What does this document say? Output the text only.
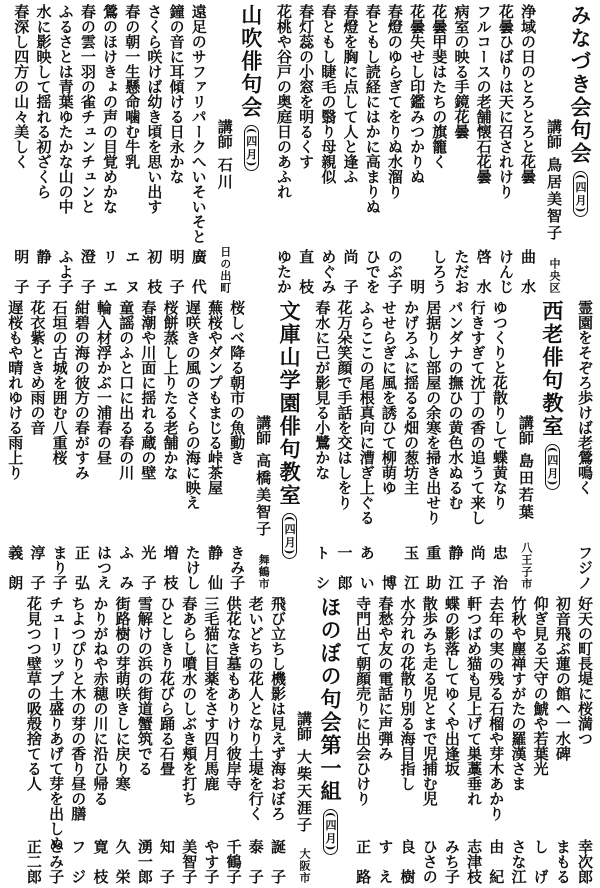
みなづき会句会(四月)
講師鳥居美智子
中央区
浄域の日のとろとろと花曇
曲　水
花曇ひばりは天に召されけり
けんじ
フルコースの老舗懐石花曇
啓　水
病室の映る手鏡花曇
ただお
花曇甲斐はたちの旗籠く
しろう
花曇失せし印鑑みつかりぬ
明
春燈のゆらぎてをりぬ水溜り
のぶ子
春ともし読経にはかに高まりぬ
ひでを
春燈を胸に点して人と逢ふ
尚　子
春ともし睫毛の翳り母親似
めぐみ
春灯蕊の小窓を明るくす
直　枝
花桃や谷戸の奥庭日のあふれ
ゆたか
山吹俳句会(四月)
講師石川
日の出町
遠足のサファリパークへいそいそと
廣　代
鐘の音に耳傾ける日永かな
明　子
さくら咲けば幼き頃を思い出す
初　枝
春の朝一生懸命噛む牛乳
エ　ヌ
鶯のほけきょの声の目覚めかな
リ　エ
春の雲一羽の雀チュンチュンと
澄　子
ふるさとは青葉ゆたかな山の中
ふよ子
水に影映して揺れる初ざくら
静　子
春深し四方の山々美しく
明　子
霊園をそぞろ歩けば老鶯鳴く
フジノ
西老俳句教室(四月)
講師島田若葉
八王子市
ゆつくりと花散りして蝶黄なり
忠　治
行きすぎて沈丁の香の追うて来し
尚　子
パンダナの撫ひの黄色水ぬるむ
静　江
居据りし部屋の余寒を掃き出せり
重　助
かげろふに揺るる畑の葱坊主
玉　江
せせらぎに風を誘ひて柳萌ゆ
博
ふらここの尾根真向に漕ぎ上ぐる
あ　い
花万朵笑顔で手話を交はしをり
一　郎
春水に己が影見る小鷺かな
ト　シ
文庫山学園俳句教室(四月)
講師高橋美智子
舞鶴市
桜しべ降る朝市の魚動き
きみ子
蕪桜やダンプもまじる峠茶屋
静　仙
遅咲きの風のさくらの海に映え
たけし
桜餅蒸し上りたる老舗かな
増　枝
春潮や川面に揺れる蔵の壁
光　子
童謡のふと口に出る春の川
ふ　み
輪入材浮かぶ一浦春の昼
はつえ
紺碧の海の彼方の春がすみ
正　弘
石垣の古城を囲む八重桜
まり子
花衣紫ときめ雨の音
淳　子
遅桜もや晴れゆける雨上り
義　朗
好天の町長堤に桜満つ
幸次郎
初音飛ぶ蓮の館へ一水碑
まもる
仰ぎ見る天守の鯱や若葉光
し　げ
竹秋や塵禅すがたの羅漢さま
さな江
去年の実の残る石榴や芽木あかり
由　紀
軒つばめ猫も見上げて巣藁垂れ
志津枝
蝶の影落してゆくや出逢坂
みち子
散歩みち走る児とまで児捕む児
ひさの
水分れの花散り別る海目指し
良　樹
春愁や友の電話に声弾み
す　え
寺門出て朝顔売りに出会ひけり
正　路
ほのぼの句会第一組(四月)
講師大柴天涯子
大阪市
飛び立ちし機影は見えず海おぼろ
誕　子
老いどちの花人となり土堤を行く
泰　子
供花なき墓もありけり彼岸寺
千鶴子
三毛猫に目薬をさす四月馬鹿
やす子
春あらし噴水のしぶき頬を打ち
美智子
ひとしきり花びら踊る石畳
知　子
雪解けの浜の街道蟹筑でる
湧一郎
街路樹の芽萌咲きしに戻り寒
久　栄
かりがねや赤穂の川に沿ひ帰る
寛　枝
ちよつぴりと木の芽の香り昼の膳
フ　ジ
チューリップ土盛りあげて芽を出しぬ
とみ子
花見つつ壁草の吸殻捨てる人
正二郎
